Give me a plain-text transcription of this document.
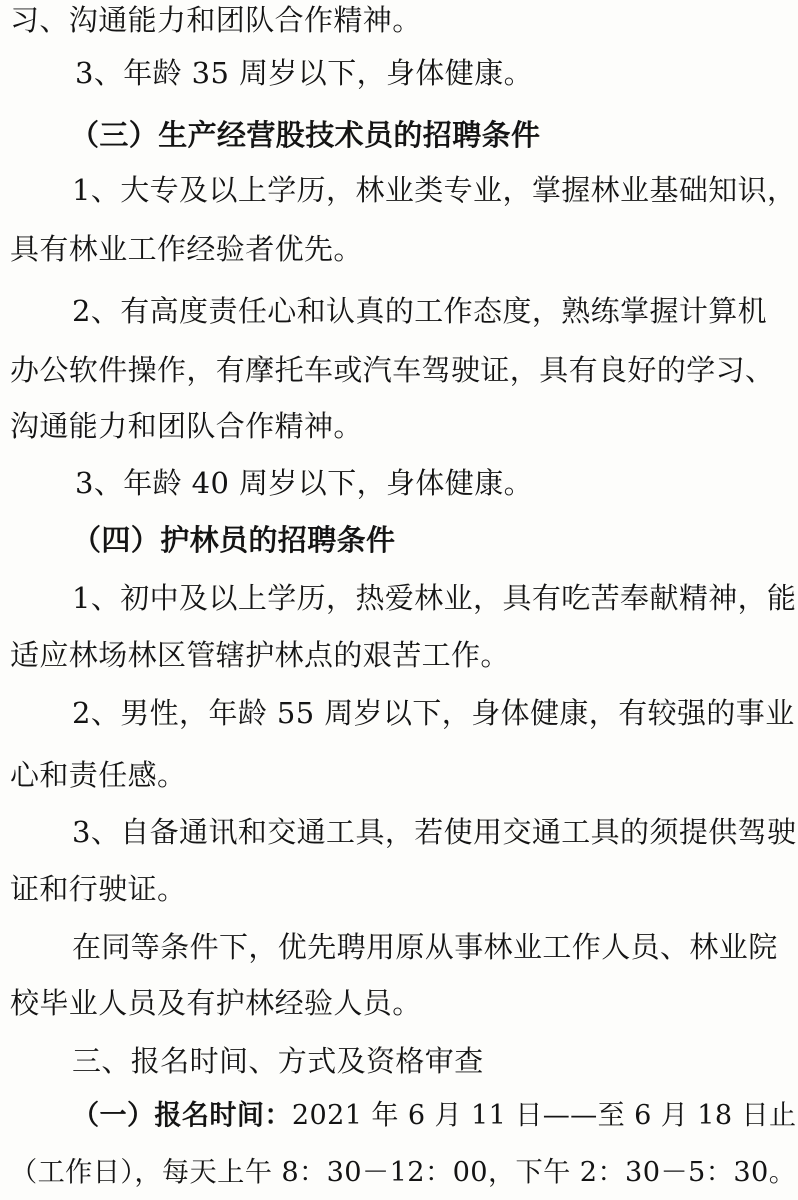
习、沟通能力和团队合作精神。
3、年龄 35 周岁以下，身体健康。
（三）生产经营股技术员的招聘条件
1、大专及以上学历，林业类专业，掌握林业基础知识，
具有林业工作经验者优先。
2、有高度责任心和认真的工作态度，熟练掌握计算机
办公软件操作，有摩托车或汽车驾驶证，具有良好的学习、
沟通能力和团队合作精神。
3、年龄 40 周岁以下，身体健康。
（四）护林员的招聘条件
1、初中及以上学历，热爱林业，具有吃苦奉献精神，能
适应林场林区管辖护林点的艰苦工作。
2、男性，年龄 55 周岁以下，身体健康，有较强的事业
心和责任感。
3、自备通讯和交通工具，若使用交通工具的须提供驾驶
证和行驶证。
在同等条件下，优先聘用原从事林业工作人员、林业院
校毕业人员及有护林经验人员。
三、报名时间、方式及资格审查
（一）报名时间：2021 年 6 月 11 日——至 6 月 18 日止
（工作日），每天上午 8：30－12：00，下午 2：30－5：30。
